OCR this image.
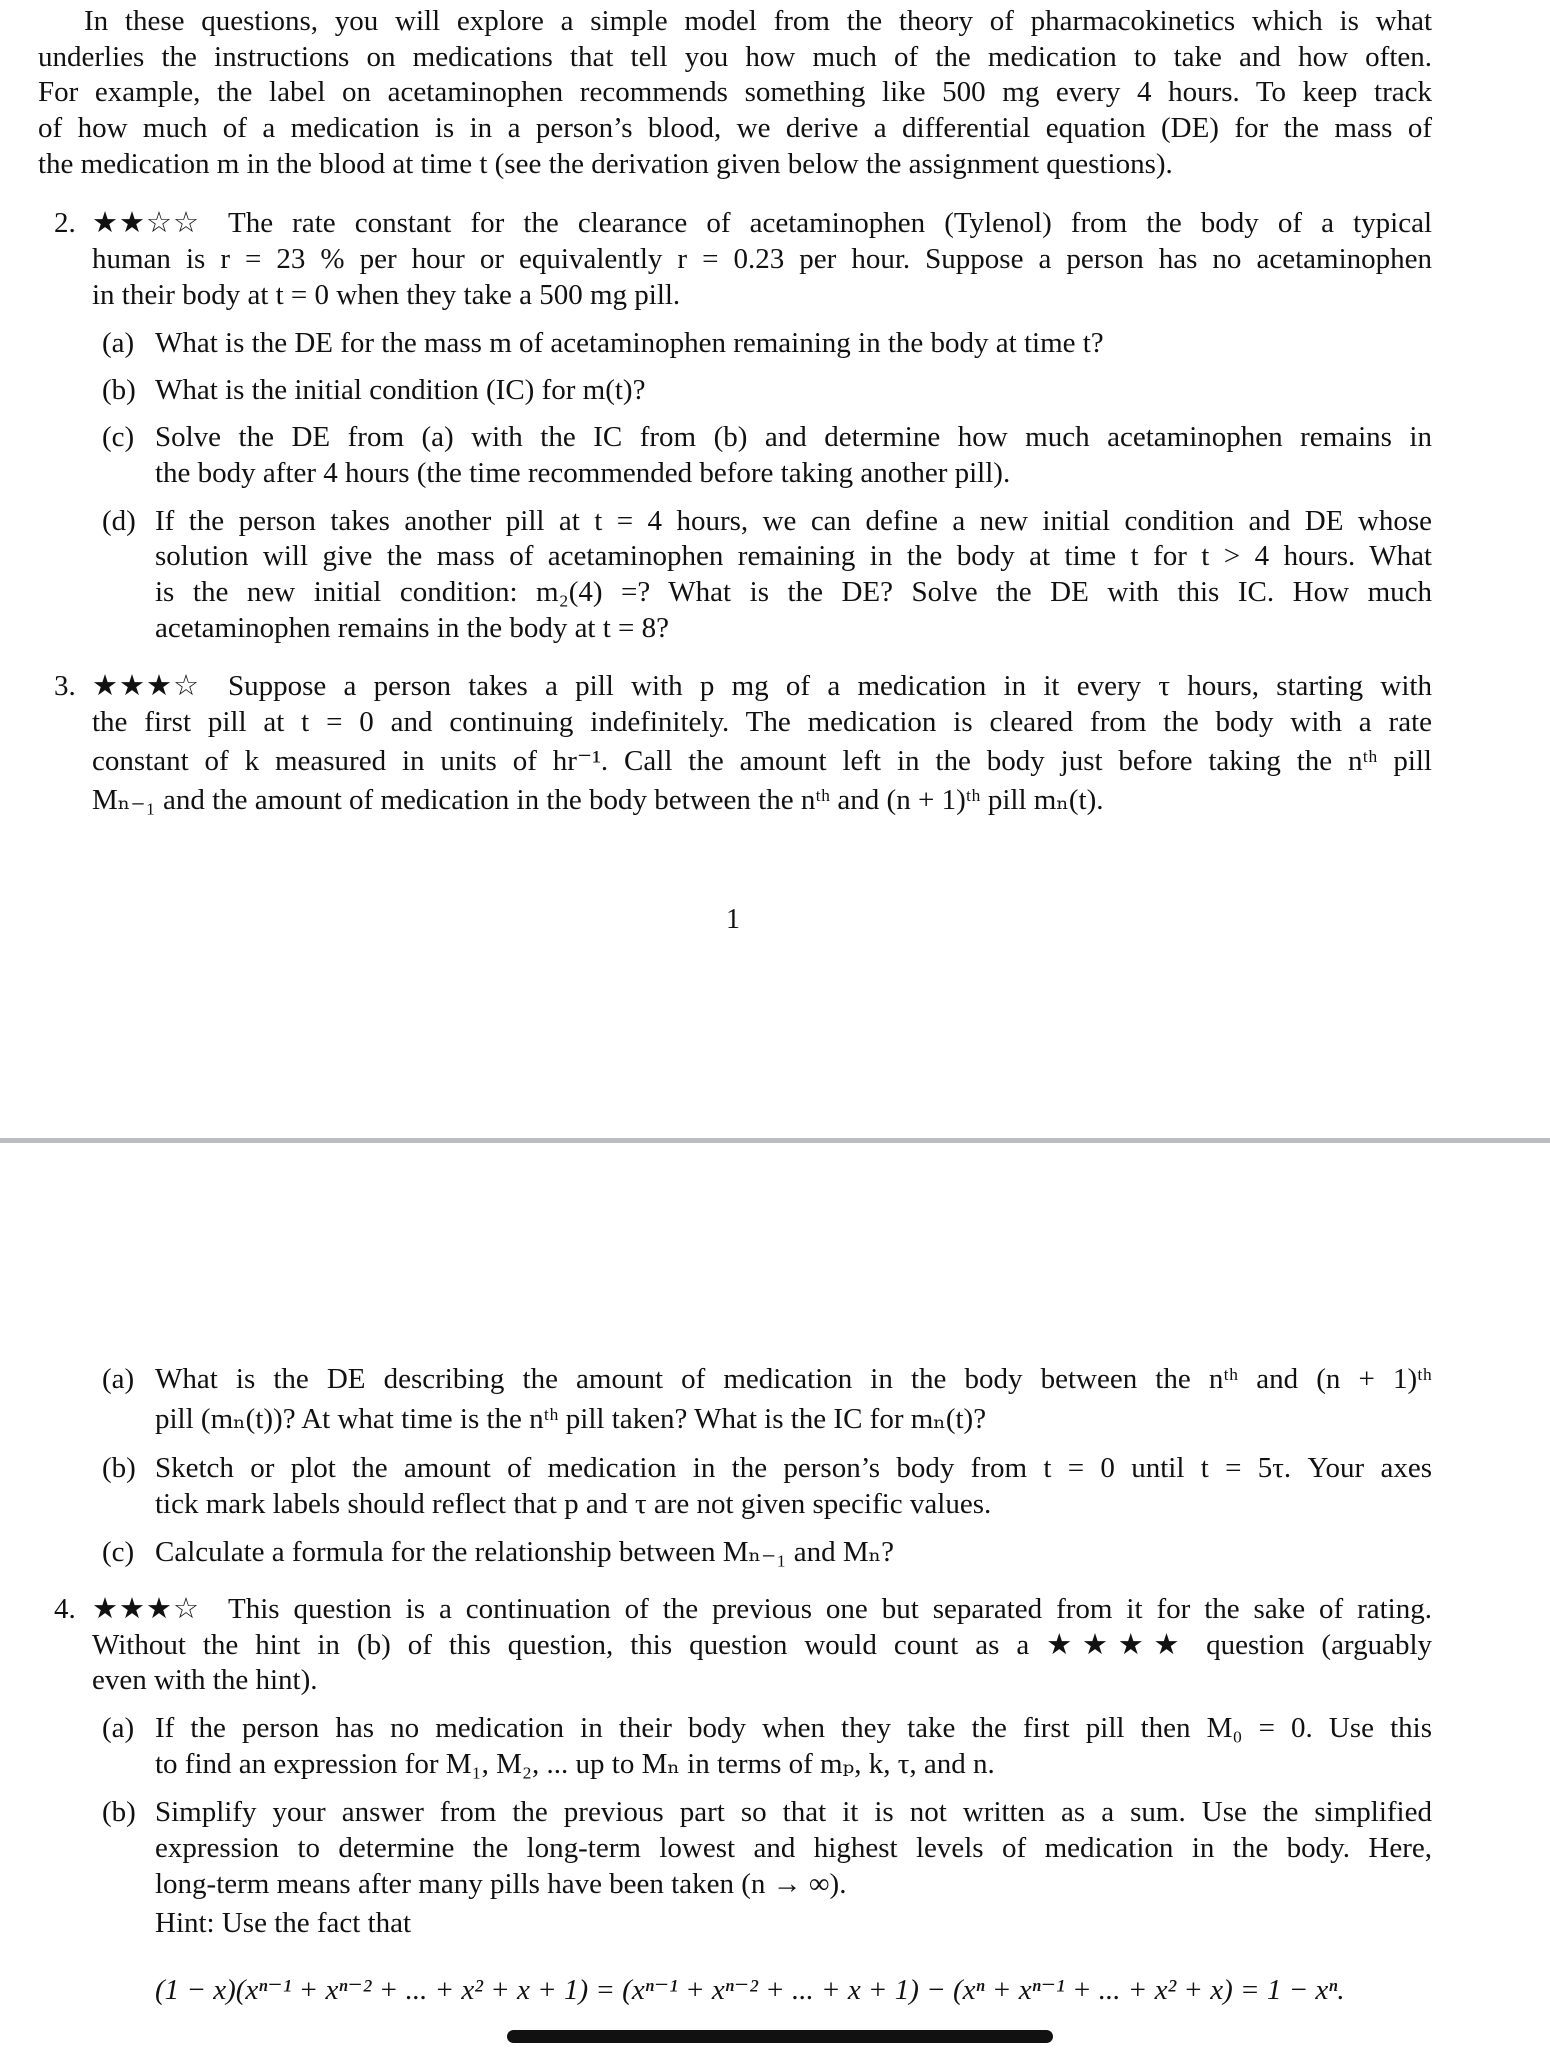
In these questions, you will explore a simple model from the theory of pharmacokinetics which is what
underlies the instructions on medications that tell you how much of the medication to take and how often.
For example, the label on acetaminophen recommends something like 500 mg every 4 hours. To keep track
of how much of a medication is in a person’s blood, we derive a differential equation (DE) for the mass of
the medication m in the blood at time t (see the derivation given below the assignment questions).
2. ★★☆☆ The rate constant for the clearance of acetaminophen (Tylenol) from the body of a typical
human is r = 23 % per hour or equivalently r = 0.23 per hour. Suppose a person has no acetaminophen
in their body at t = 0 when they take a 500 mg pill.
(a) What is the DE for the mass m of acetaminophen remaining in the body at time t?
(b) What is the initial condition (IC) for m(t)?
(c) Solve the DE from (a) with the IC from (b) and determine how much acetaminophen remains in
the body after 4 hours (the time recommended before taking another pill).
(d) If the person takes another pill at t = 4 hours, we can define a new initial condition and DE whose
solution will give the mass of acetaminophen remaining in the body at time t for t > 4 hours. What
is the new initial condition: m₂(4) =? What is the DE? Solve the DE with this IC. How much
acetaminophen remains in the body at t = 8?
3. ★★★☆ Suppose a person takes a pill with p mg of a medication in it every τ hours, starting with
the first pill at t = 0 and continuing indefinitely. The medication is cleared from the body with a rate
constant of k measured in units of hr⁻¹. Call the amount left in the body just before taking the nᵗʰ pill
Mₙ₋₁ and the amount of medication in the body between the nᵗʰ and (n + 1)ᵗʰ pill mₙ(t).
1
(a) What is the DE describing the amount of medication in the body between the nᵗʰ and (n + 1)ᵗʰ
pill (mₙ(t))? At what time is the nᵗʰ pill taken? What is the IC for mₙ(t)?
(b) Sketch or plot the amount of medication in the person’s body from t = 0 until t = 5τ. Your axes
tick mark labels should reflect that p and τ are not given specific values.
(c) Calculate a formula for the relationship between Mₙ₋₁ and Mₙ?
4. ★★★☆ This question is a continuation of the previous one but separated from it for the sake of rating.
Without the hint in (b) of this question, this question would count as a ★★★★ question (arguably
even with the hint).
(a) If the person has no medication in their body when they take the first pill then M₀ = 0. Use this
to find an expression for M₁, M₂, ... up to Mₙ in terms of mₚ, k, τ, and n.
(b) Simplify your answer from the previous part so that it is not written as a sum. Use the simplified
expression to determine the long-term lowest and highest levels of medication in the body. Here,
long-term means after many pills have been taken (n → ∞).
Hint: Use the fact that
(1 − x)(xⁿ⁻¹ + xⁿ⁻² + ... + x² + x + 1) = (xⁿ⁻¹ + xⁿ⁻² + ... + x + 1) − (xⁿ + xⁿ⁻¹ + ... + x² + x) = 1 − xⁿ.
